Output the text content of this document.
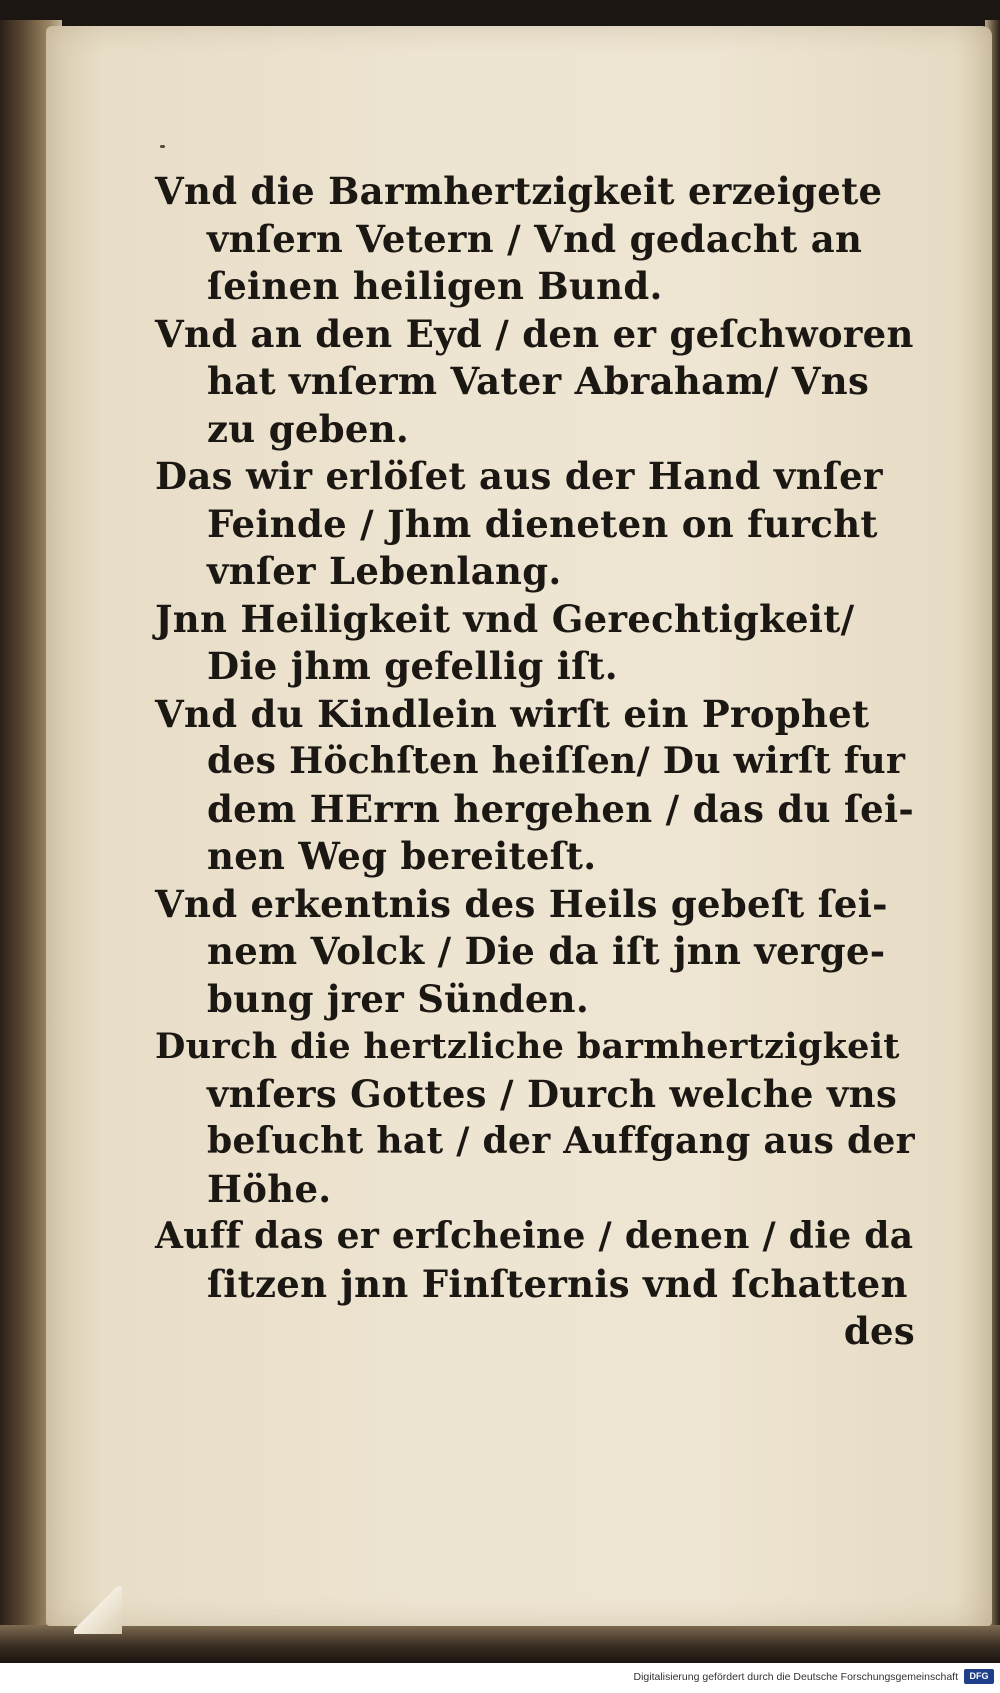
Vnd die Barmhertzigkeit erzeigete
vnſern Vetern / Vnd gedacht an
ſeinen heiligen Bund.
Vnd an den Eyd / den er geſchworen
hat vnſerm Vater Abraham/ Vns
zu geben.
Das wir erlöſet aus der Hand vnſer
Feinde / Jhm dieneten on furcht
vnſer Lebenlang.
Jnn Heiligkeit vnd Gerechtigkeit/
Die jhm gefellig iſt.
Vnd du Kindlein wirſt ein Prophet
des Höchſten heiſſen/ Du wirſt fur
dem HErrn hergehen / das du ſei-
nen Weg bereiteſt.
Vnd erkentnis des Heils gebeſt ſei-
nem Volck / Die da iſt jnn verge-
bung jrer Sünden.
Durch die hertzliche barmhertzigkeit
vnſers Gottes / Durch welche vns
beſucht hat / der Auffgang aus der
Höhe.
Auff das er erſcheine / denen / die da
ſitzen jnn Finſternis vnd ſchatten
des
Digitalisierung gefördert durch die Deutsche Forschungsgemeinschaft	DFG
